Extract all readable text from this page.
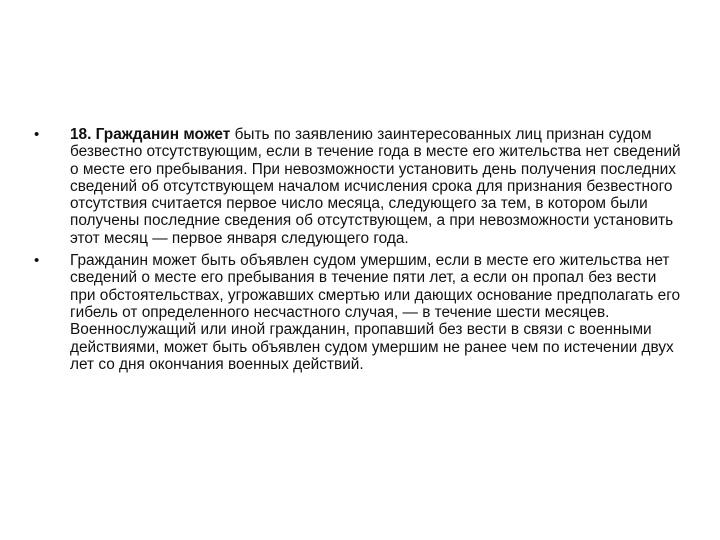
•	18. Гражданин может быть по заявлению заинтересованных лиц признан судом безвестно отсутствующим, если в течение года в месте его жительства нет сведений о месте его пребывания. При невозможности установить день получения последних сведений об отсутствующем началом исчисления срока для признания безвестного отсутствия считается первое число месяца, следующего за тем, в котором были получены последние сведения об отсутствующем, а при невозможности установить этот месяц — первое января следующего года.
•	Гражданин может быть объявлен судом умершим, если в месте его жительства нет сведений о месте его пребывания в течение пяти лет, а если он пропал без вести при обстоятельствах, угрожавших смертью или дающих основание предполагать его гибель от определенного несчастного случая, — в течение шести месяцев. Военнослужащий или иной гражданин, пропавший без вести в связи с военными действиями, может быть объявлен судом умершим не ранее чем по истечении двух лет со дня окончания военных действий.
